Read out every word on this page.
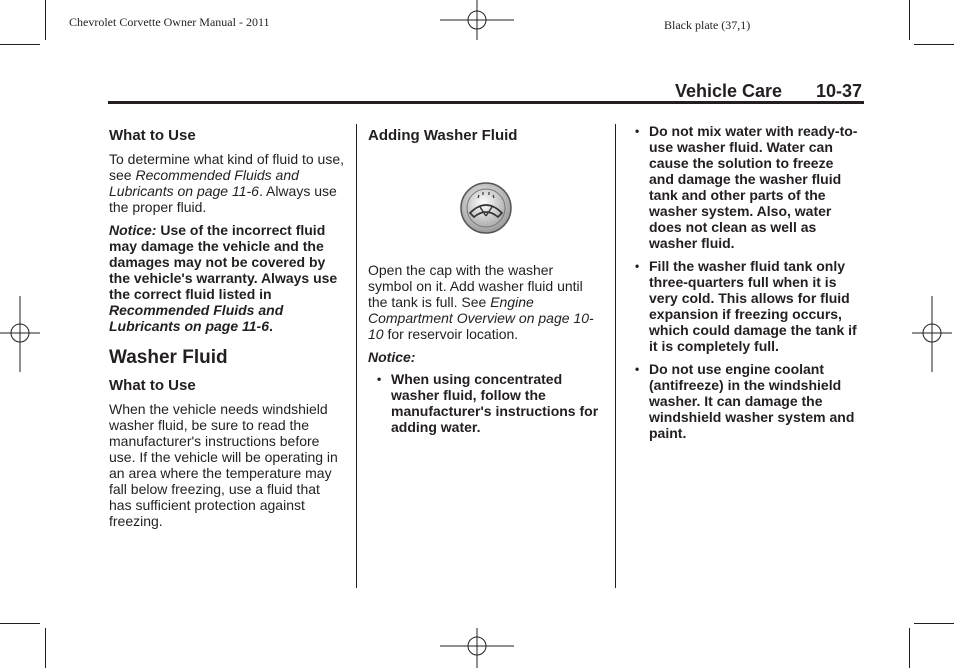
Chevrolet Corvette Owner Manual - 2011	Black plate (37,1)
Vehicle Care 10-37
What to Use

To determine what kind of fluid to use, see Recommended Fluids and Lubricants on page 11-6. Always use the proper fluid.

Notice: Use of the incorrect fluid may damage the vehicle and the damages may not be covered by the vehicle's warranty. Always use the correct fluid listed in Recommended Fluids and Lubricants on page 11-6.

Washer Fluid
What to Use

When the vehicle needs windshield washer fluid, be sure to read the manufacturer's instructions before use. If the vehicle will be operating in an area where the temperature may fall below freezing, use a fluid that has sufficient protection against freezing.

Adding Washer Fluid

Open the cap with the washer symbol on it. Add washer fluid until the tank is full. See Engine Compartment Overview on page 10-10 for reservoir location.

Notice:

• When using concentrated washer fluid, follow the manufacturer's instructions for adding water.
• Do not mix water with ready-to-use washer fluid. Water can cause the solution to freeze and damage the washer fluid tank and other parts of the washer system. Also, water does not clean as well as washer fluid.
• Fill the washer fluid tank only three-quarters full when it is very cold. This allows for fluid expansion if freezing occurs, which could damage the tank if it is completely full.
• Do not use engine coolant (antifreeze) in the windshield washer. It can damage the windshield washer system and paint.
